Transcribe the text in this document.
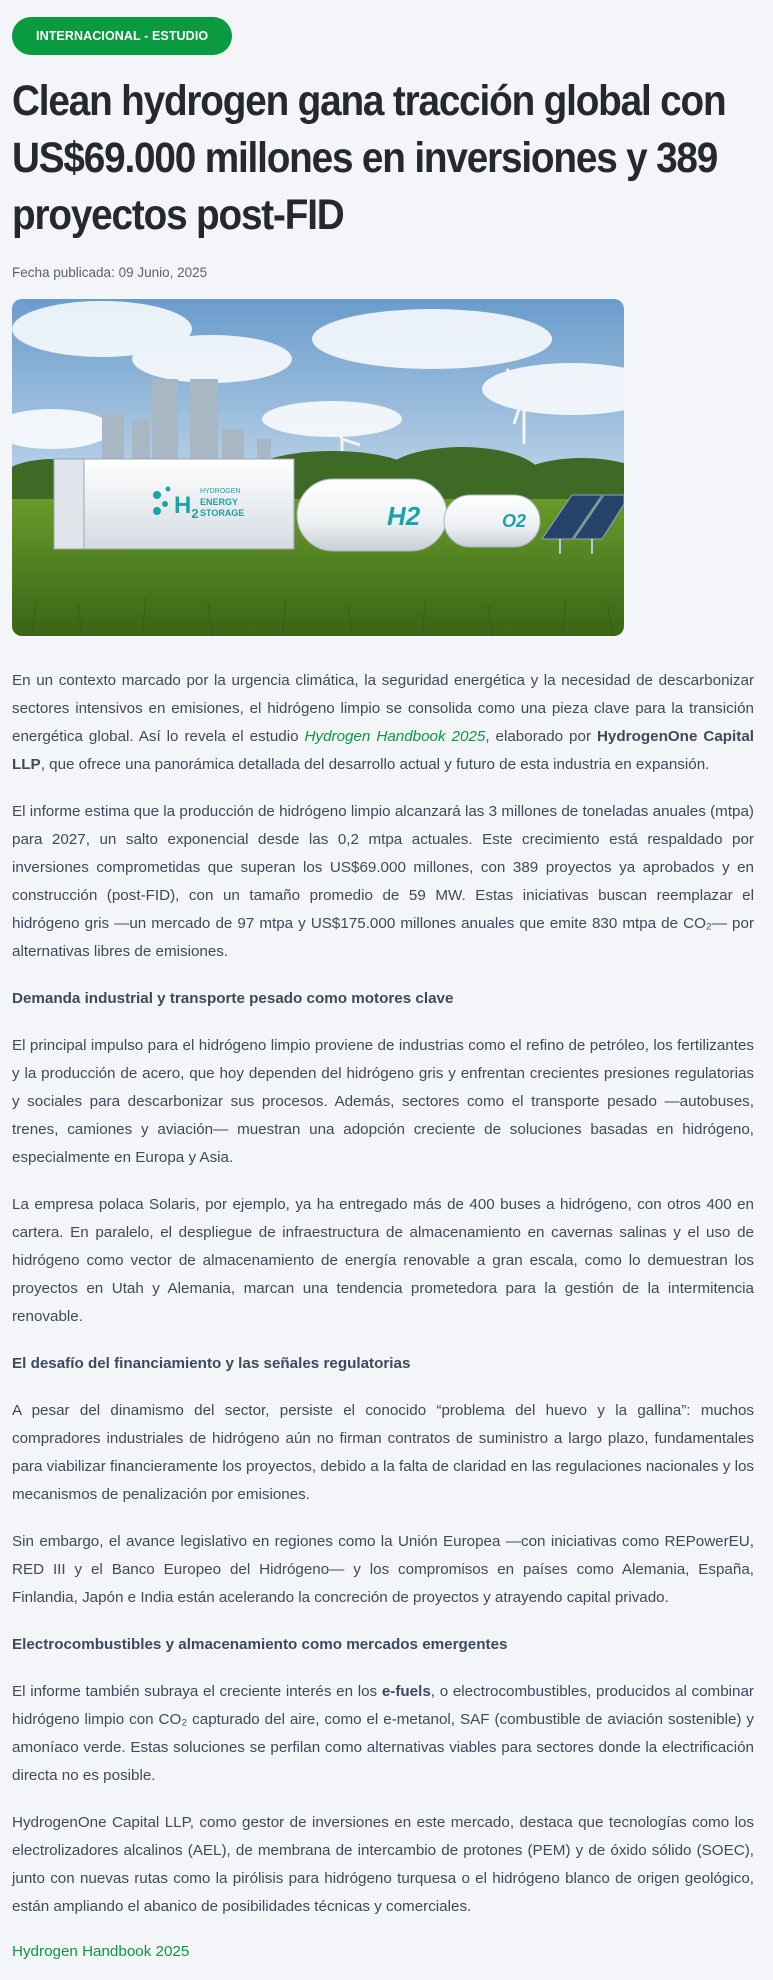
INTERNACIONAL - ESTUDIO
Clean hydrogen gana tracción global con US$69.000 millones en inversiones y 389 proyectos post-FID
Fecha publicada: 09 Junio, 2025
$H_2$
HYDROGEN
ENERGY
STORAGE	H2	O2

En un contexto marcado por la urgencia climática, la seguridad energética y la necesidad de descarbonizar sectores intensivos en emisiones, el hidrógeno limpio se consolida como una pieza clave para la transición energética global. Así lo revela el estudio Hydrogen Handbook 2025, elaborado por HydrogenOne Capital LLP, que ofrece una panorámica detallada del desarrollo actual y futuro de esta industria en expansión.

El informe estima que la producción de hidrógeno limpio alcanzará las 3 millones de toneladas anuales (mtpa) para 2027, un salto exponencial desde las 0,2 mtpa actuales. Este crecimiento está respaldado por inversiones comprometidas que superan los US$69.000 millones, con 389 proyectos ya aprobados y en construcción (post-FID), con un tamaño promedio de 59 MW. Estas iniciativas buscan reemplazar el hidrógeno gris —un mercado de 97 mtpa y US$175.000 millones anuales que emite 830 mtpa de CO₂— por alternativas libres de emisiones.

Demanda industrial y transporte pesado como motores clave

El principal impulso para el hidrógeno limpio proviene de industrias como el refino de petróleo, los fertilizantes y la producción de acero, que hoy dependen del hidrógeno gris y enfrentan crecientes presiones regulatorias y sociales para descarbonizar sus procesos. Además, sectores como el transporte pesado —autobuses, trenes, camiones y aviación— muestran una adopción creciente de soluciones basadas en hidrógeno, especialmente en Europa y Asia.

La empresa polaca Solaris, por ejemplo, ya ha entregado más de 400 buses a hidrógeno, con otros 400 en cartera. En paralelo, el despliegue de infraestructura de almacenamiento en cavernas salinas y el uso de hidrógeno como vector de almacenamiento de energía renovable a gran escala, como lo demuestran los proyectos en Utah y Alemania, marcan una tendencia prometedora para la gestión de la intermitencia renovable.

El desafío del financiamiento y las señales regulatorias

A pesar del dinamismo del sector, persiste el conocido “problema del huevo y la gallina”: muchos compradores industriales de hidrógeno aún no firman contratos de suministro a largo plazo, fundamentales para viabilizar financieramente los proyectos, debido a la falta de claridad en las regulaciones nacionales y los mecanismos de penalización por emisiones.

Sin embargo, el avance legislativo en regiones como la Unión Europea —con iniciativas como REPowerEU, RED III y el Banco Europeo del Hidrógeno— y los compromisos en países como Alemania, España, Finlandia, Japón e India están acelerando la concreción de proyectos y atrayendo capital privado.

Electrocombustibles y almacenamiento como mercados emergentes

El informe también subraya el creciente interés en los e-fuels, o electrocombustibles, producidos al combinar hidrógeno limpio con CO₂ capturado del aire, como el e-metanol, SAF (combustible de aviación sostenible) y amoníaco verde. Estas soluciones se perfilan como alternativas viables para sectores donde la electrificación directa no es posible.

HydrogenOne Capital LLP, como gestor de inversiones en este mercado, destaca que tecnologías como los electrolizadores alcalinos (AEL), de membrana de intercambio de protones (PEM) y de óxido sólido (SOEC), junto con nuevas rutas como la pirólisis para hidrógeno turquesa o el hidrógeno blanco de origen geológico, están ampliando el abanico de posibilidades técnicas y comerciales.

Hydrogen Handbook 2025
